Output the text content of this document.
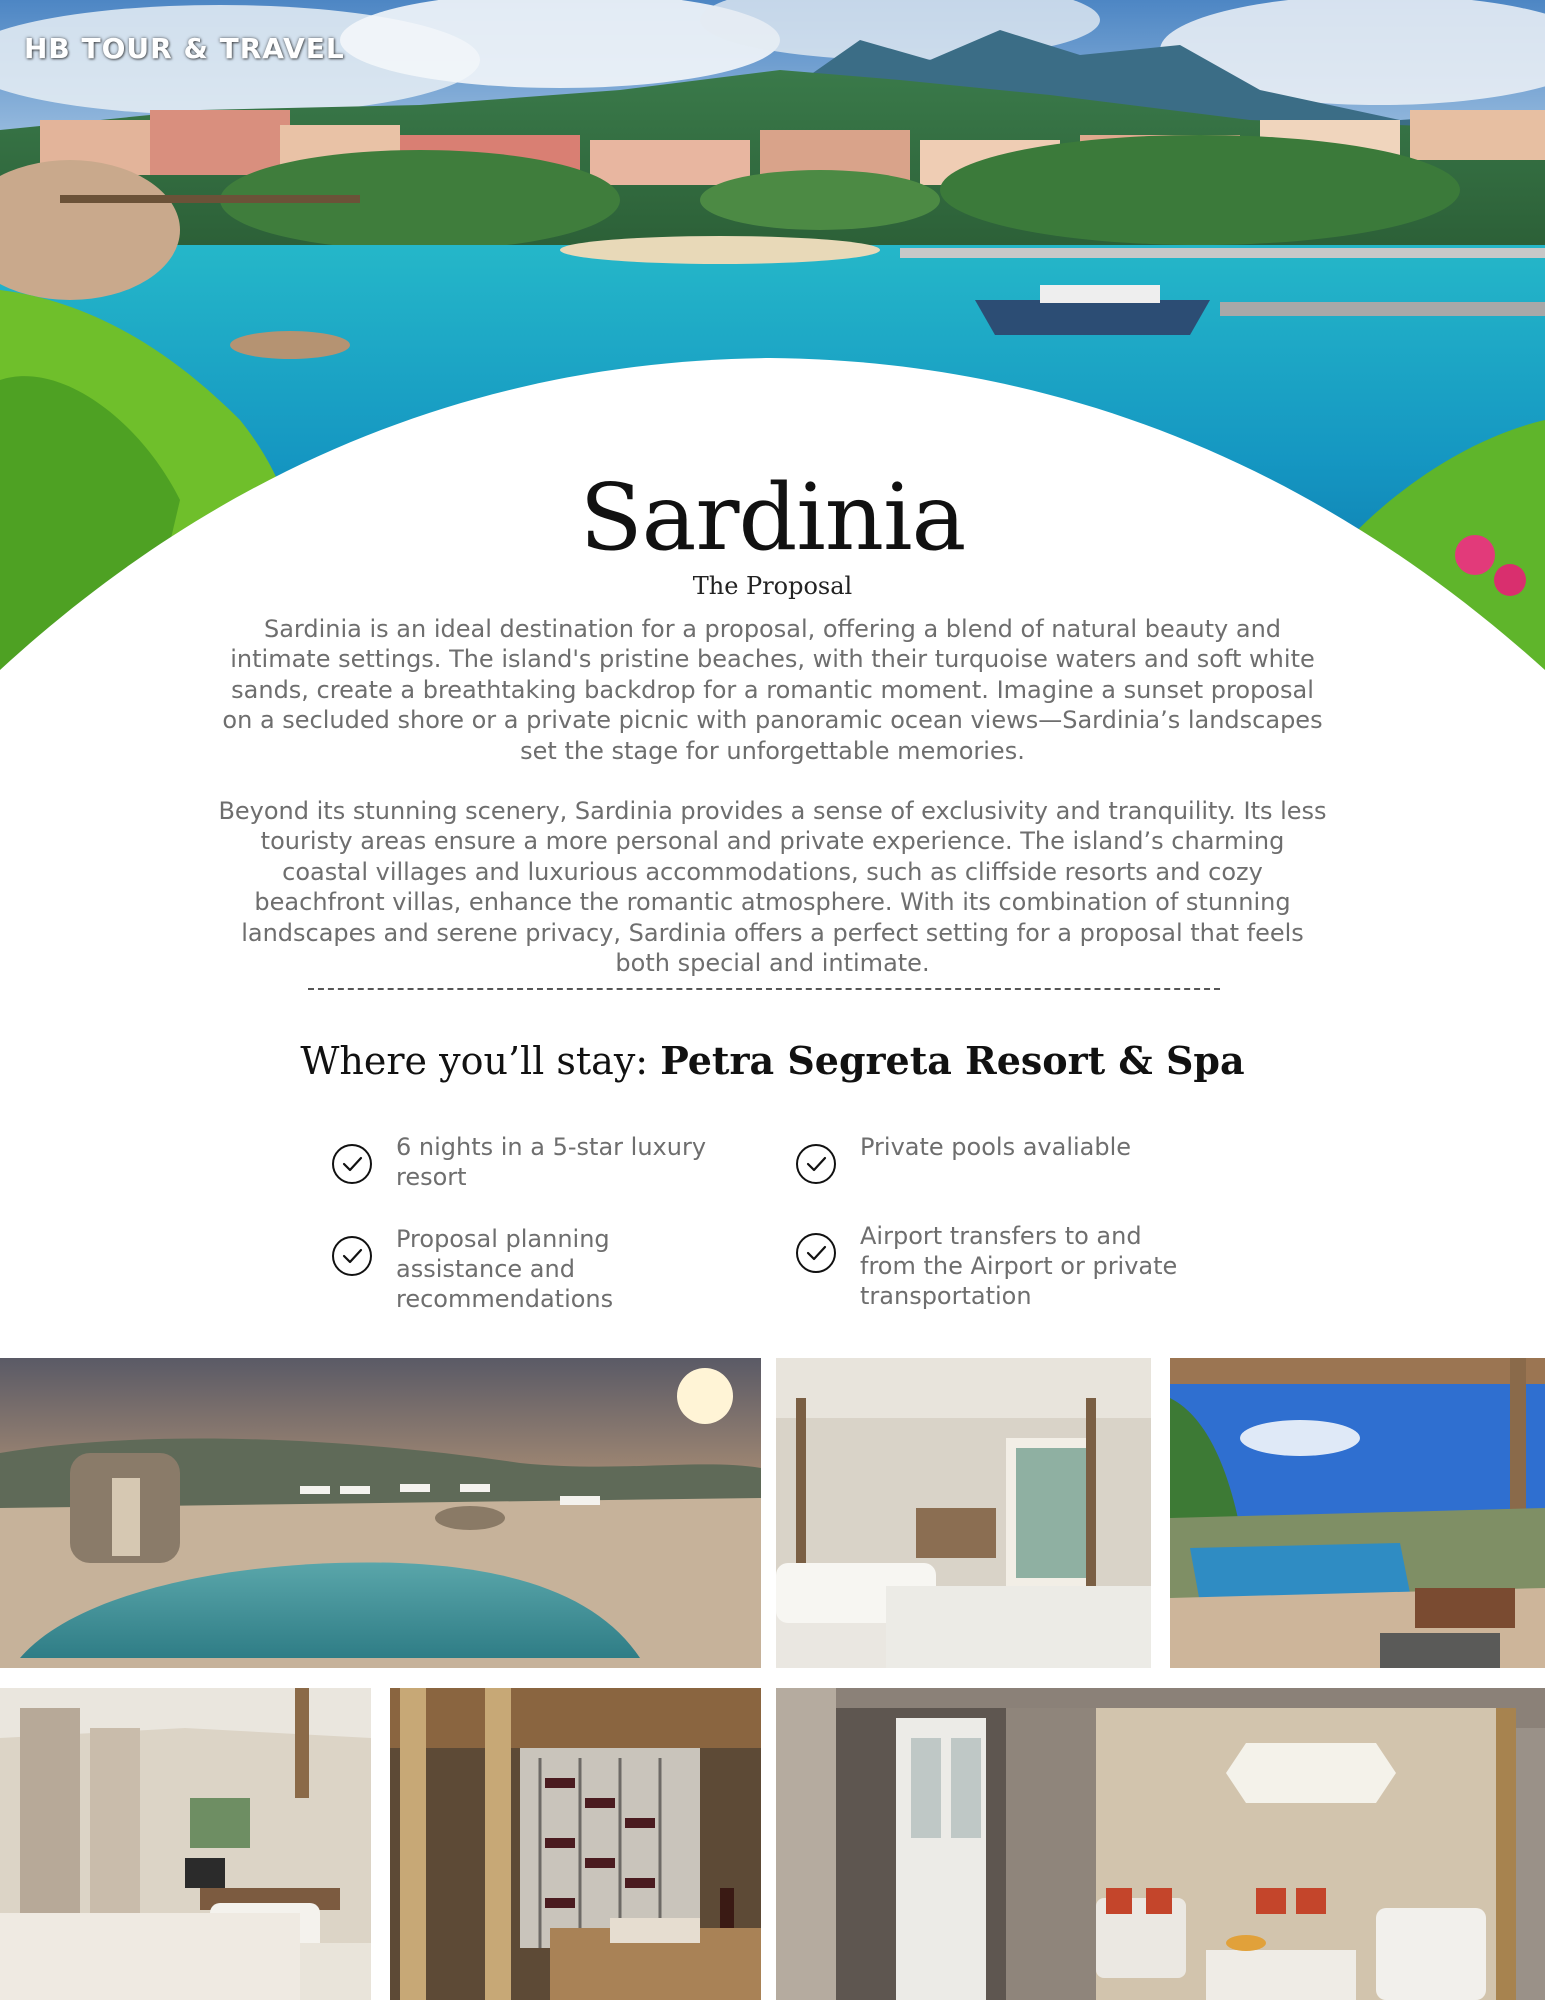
HB TOUR & TRAVEL
Sardinia
The Proposal
Sardinia is an ideal destination for a proposal, offering a blend of natural beauty and intimate settings. The island's pristine beaches, with their turquoise waters and soft white sands, create a breathtaking backdrop for a romantic moment. Imagine a sunset proposal on a secluded shore or a private picnic with panoramic ocean views—Sardinia’s landscapes set the stage for unforgettable memories.
Beyond its stunning scenery, Sardinia provides a sense of exclusivity and tranquility. Its less touristy areas ensure a more personal and private experience. The island’s charming coastal villages and luxurious accommodations, such as cliffside resorts and cozy beachfront villas, enhance the romantic atmosphere. With its combination of stunning landscapes and serene privacy, Sardinia offers a perfect setting for a proposal that feels both special and intimate.
Where you’ll stay: Petra Segreta Resort & Spa
6 nights in a 5-star luxury resort
Private pools avaliable
Proposal planning assistance and recommendations
Airport transfers to and from the Airport or private transportation
